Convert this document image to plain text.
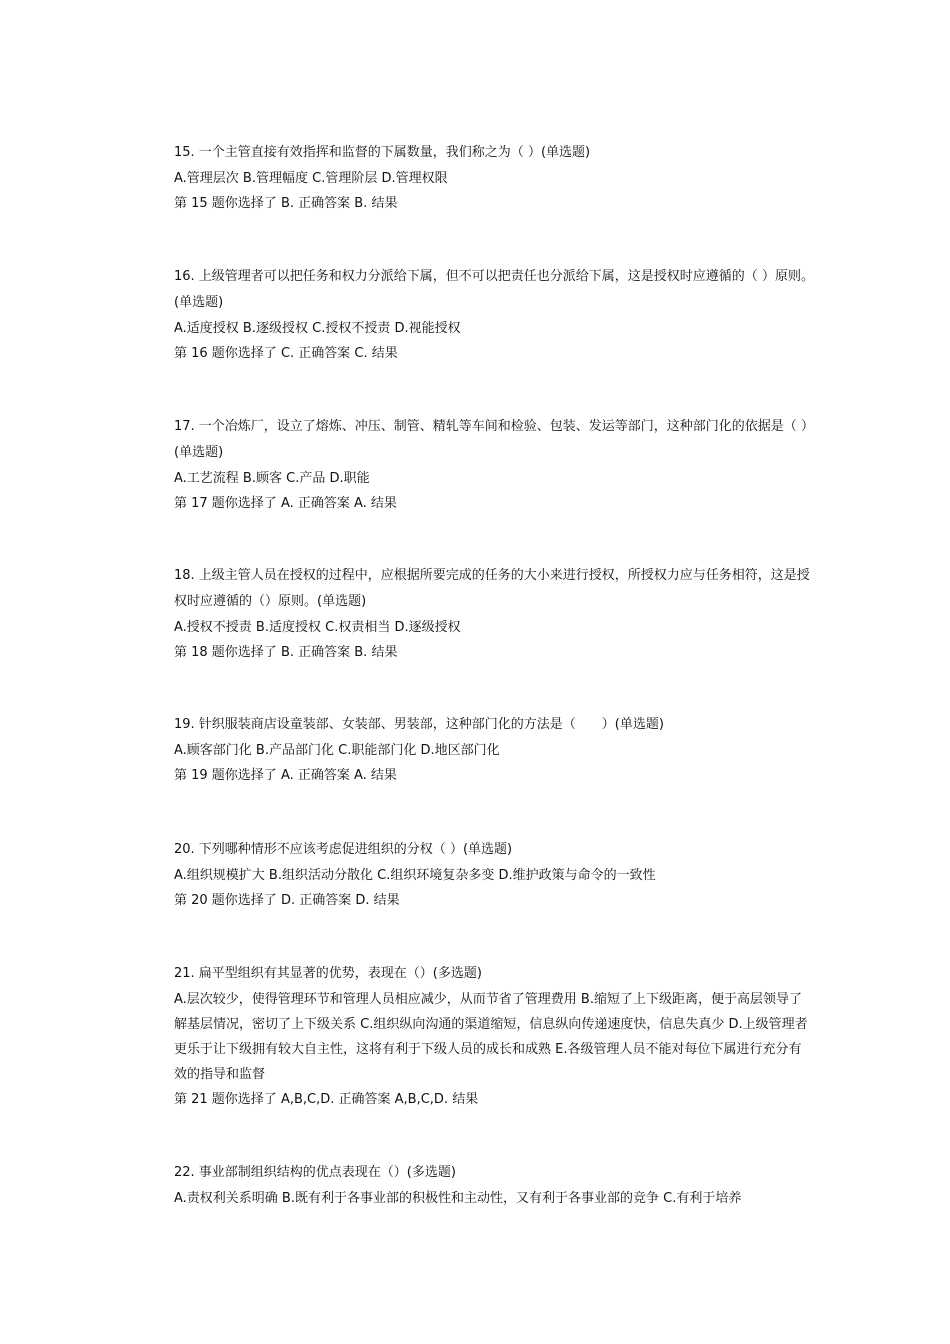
15. 一个主管直接有效指挥和监督的下属数量，我们称之为（ ）(单选题)

A.管理层次 B.管理幅度 C.管理阶层 D.管理权限

第 15 题你选择了 B. 正确答案 B. 结果

16. 上级管理者可以把任务和权力分派给下属，但不可以把责任也分派给下属，这是授权时应遵循的（ ）原则。(单选题)

A.适度授权 B.逐级授权 C.授权不授责 D.视能授权

第 16 题你选择了 C. 正确答案 C. 结果

17. 一个冶炼厂，设立了熔炼、冲压、制管、精轧等车间和检验、包装、发运等部门，这种部门化的依据是（ ）(单选题)

A.工艺流程 B.顾客 C.产品 D.职能

第 17 题你选择了 A. 正确答案 A. 结果

18. 上级主管人员在授权的过程中，应根据所要完成的任务的大小来进行授权，所授权力应与任务相符，这是授权时应遵循的（）原则。(单选题)

A.授权不授责 B.适度授权 C.权责相当 D.逐级授权

第 18 题你选择了 B. 正确答案 B. 结果

19. 针织服装商店设童装部、女装部、男装部，这种部门化的方法是（　　）(单选题)

A.顾客部门化 B.产品部门化 C.职能部门化 D.地区部门化

第 19 题你选择了 A. 正确答案 A. 结果

20. 下列哪种情形不应该考虑促进组织的分权（ ）(单选题)

A.组织规模扩大 B.组织活动分散化 C.组织环境复杂多变 D.维护政策与命令的一致性

第 20 题你选择了 D. 正确答案 D. 结果

21. 扁平型组织有其显著的优势，表现在（）(多选题)

A.层次较少，使得管理环节和管理人员相应减少，从而节省了管理费用 B.缩短了上下级距离，便于高层领导了解基层情况，密切了上下级关系 C.组织纵向沟通的渠道缩短，信息纵向传递速度快，信息失真少 D.上级管理者更乐于让下级拥有较大自主性，这将有利于下级人员的成长和成熟 E.各级管理人员不能对每位下属进行充分有效的指导和监督

第 21 题你选择了 A,B,C,D. 正确答案 A,B,C,D. 结果

22. 事业部制组织结构的优点表现在（）(多选题)

A.责权利关系明确 B.既有利于各事业部的积极性和主动性，又有利于各事业部的竞争 C.有利于培养
